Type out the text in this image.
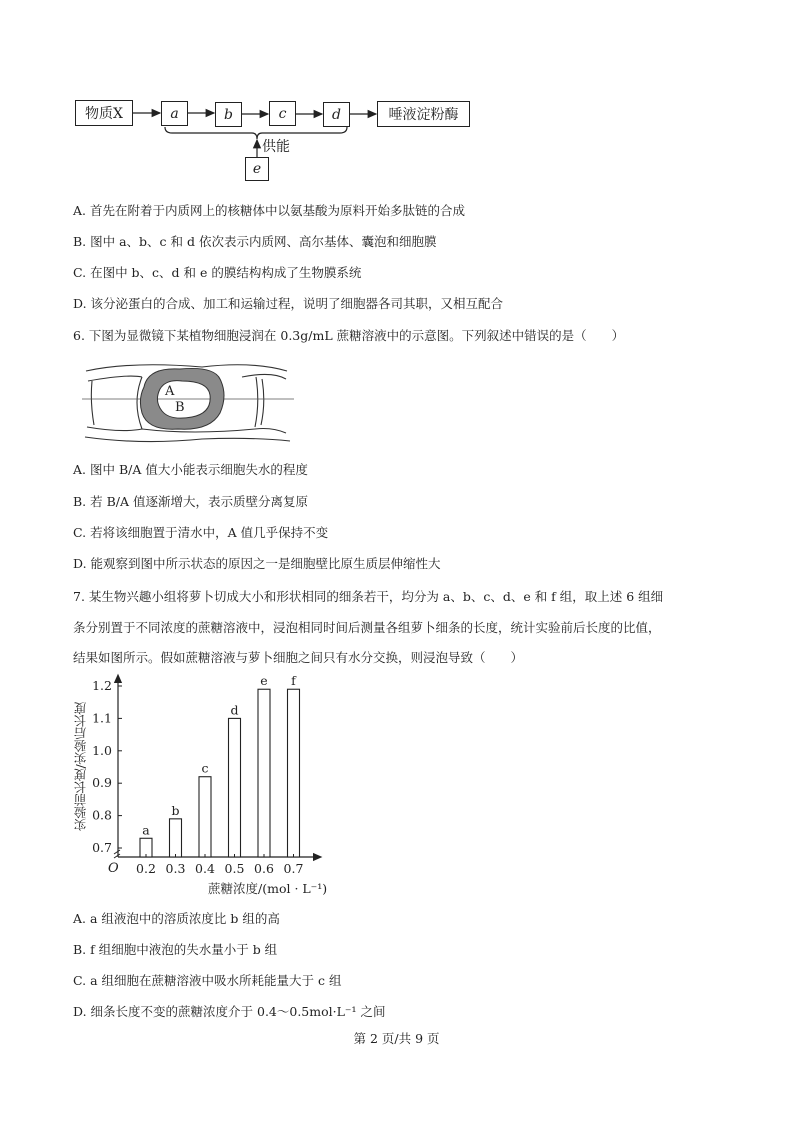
物质X	a	b	c	d	唾液淀粉酶
e
供能
A. 首先在附着于内质网上的核糖体中以氨基酸为原料开始多肽链的合成
B. 图中 a、b、c 和 d 依次表示内质网、高尔基体、囊泡和细胞膜
C. 在图中 b、c、d 和 e 的膜结构构成了生物膜系统
D. 该分泌蛋白的合成、加工和运输过程，说明了细胞器各司其职，又相互配合
6. 下图为显微镜下某植物细胞浸润在 0.3g/mL 蔗糖溶液中的示意图。下列叙述中错误的是（　　）
A
B
A. 图中 B/A 值大小能表示细胞失水的程度
B. 若 B/A 值逐渐增大，表示质壁分离复原
C. 若将该细胞置于清水中，A 值几乎保持不变
D. 能观察到图中所示状态的原因之一是细胞壁比原生质层伸缩性大
7. 某生物兴趣小组将萝卜切成大小和形状相同的细条若干，均分为 a、b、c、d、e 和 f 组，取上述 6 组细
条分别置于不同浓度的蔗糖溶液中，浸泡相同时间后测量各组萝卜细条的长度，统计实验前后长度的比值，
结果如图所示。假如蔗糖溶液与萝卜细胞之间只有水分交换，则浸泡导致（　　）
0.7
0.8
0.9
1.0
1.1
1.2
a
0.2
b
0.3
c
0.4
d
0.5
e
0.6
f
0.7
实验前长度/实验后长度
O
蔗糖浓度/(mol · L⁻¹)
A. a 组液泡中的溶质浓度比 b 组的高
B. f 组细胞中液泡的失水量小于 b 组
C. a 组细胞在蔗糖溶液中吸水所耗能量大于 c 组
D. 细条长度不变的蔗糖浓度介于 0.4～0.5mol·L⁻¹ 之间
第 2 页/共 9 页
